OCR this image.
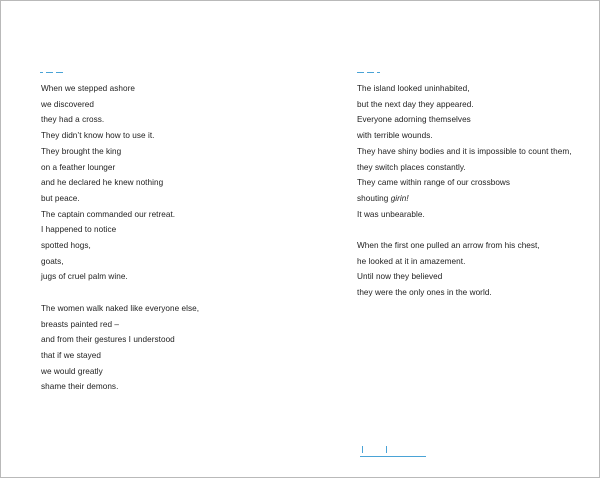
When we stepped ashore
we discovered
they had a cross.
They didn’t know how to use it.
They brought the king
on a feather lounger
and he declared he knew nothing
but peace.
The captain commanded our retreat.
I happened to notice
spotted hogs,
goats,
jugs of cruel palm wine.
The women walk naked like everyone else,
breasts painted red –
and from their gestures I understood
that if we stayed
we would greatly
shame their demons.
The island looked uninhabited,
but the next day they appeared.
Everyone adorning themselves
with terrible wounds.
They have shiny bodies and it is impossible to count them,
they switch places constantly.
They came within range of our crossbows
shouting girin!
It was unbearable.
When the first one pulled an arrow from his chest,
he looked at it in amazement.
Until now they believed
they were the only ones in the world.
